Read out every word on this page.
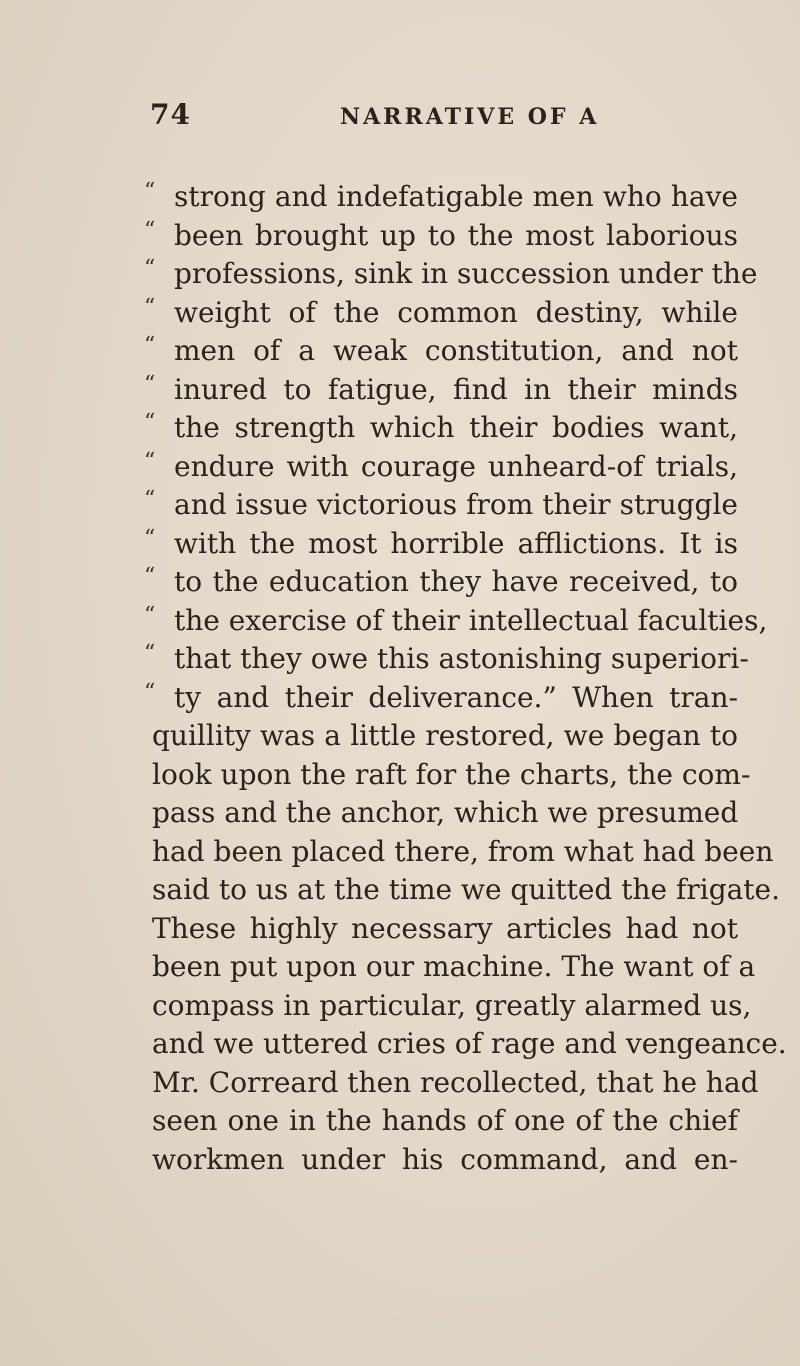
74	NARRATIVE OF A
“ strong and indefatigable men who have
“ been brought up to the most laborious
“ professions, sink in succession under the
“ weight of the common destiny, while
“ men of a weak constitution, and not
“ inured to fatigue, find in their minds
“ the strength which their bodies want,
“ endure with courage unheard-of trials,
“ and issue victorious from their struggle
“ with the most horrible afflictions. It is
“ to the education they have received, to
“ the exercise of their intellectual faculties,
“ that they owe this astonishing superiori-
“ ty and their deliverance.” When tran-
quillity was a little restored, we began to
look upon the raft for the charts, the com-
pass and the anchor, which we presumed
had been placed there, from what had been
said to us at the time we quitted the frigate.
These highly necessary articles had not
been put upon our machine. The want of a
compass in particular, greatly alarmed us,
and we uttered cries of rage and vengeance.
Mr. Correard then recollected, that he had
seen one in the hands of one of the chief
workmen under his command, and en-
